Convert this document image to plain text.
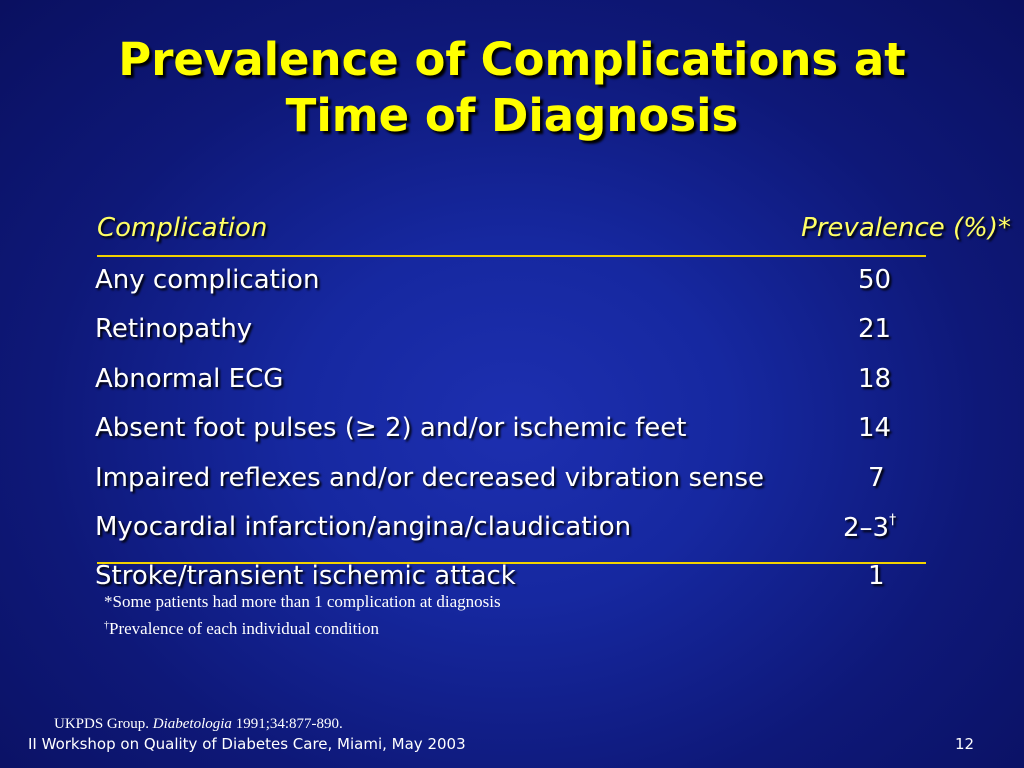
Prevalence of Complications at
Time of Diagnosis
Complication	Prevalence (%)*
Any complication	50
Retinopathy	21
Abnormal ECG	18
Absent foot pulses (≥ 2) and/or ischemic feet	14
Impaired reflexes and/or decreased vibration sense	7
Myocardial infarction/angina/claudication	2–3†
Stroke/transient ischemic attack	1
*Some patients had more than 1 complication at diagnosis
†Prevalence of each individual condition
UKPDS Group. Diabetologia 1991;34:877-890.
II Workshop on Quality of Diabetes Care, Miami, May 2003	12
